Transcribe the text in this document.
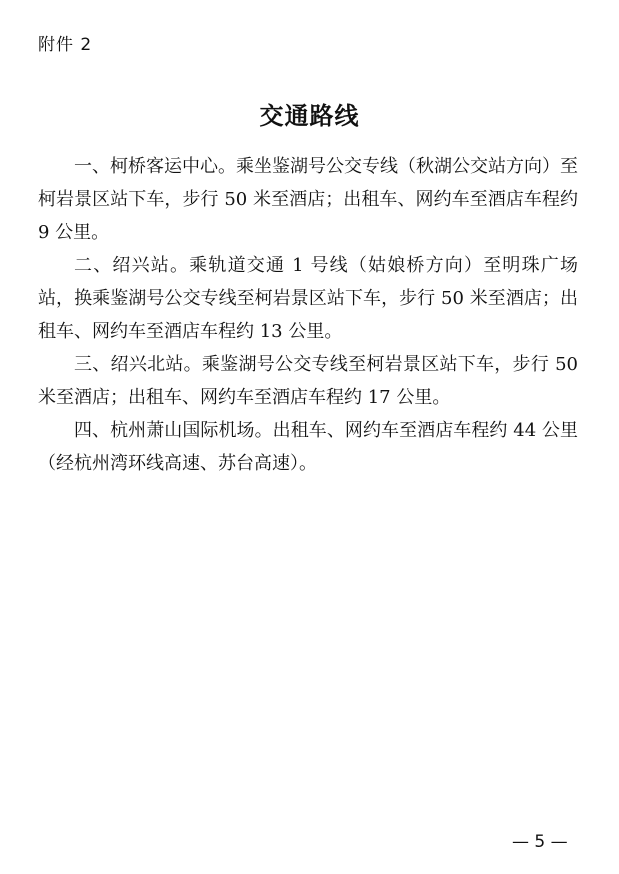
附件 2
交通路线

一、柯桥客运中心。乘坐鉴湖号公交专线（秋湖公交站方向）至柯岩景区站下车，步行 50 米至酒店；出租车、网约车至酒店车程约 9 公里。

二、绍兴站。乘轨道交通 1 号线（姑娘桥方向）至明珠广场站，换乘鉴湖号公交专线至柯岩景区站下车，步行 50 米至酒店；出租车、网约车至酒店车程约 13 公里。

三、绍兴北站。乘鉴湖号公交专线至柯岩景区站下车，步行 50 米至酒店；出租车、网约车至酒店车程约 17 公里。

四、杭州萧山国际机场。出租车、网约车至酒店车程约 44 公里（经杭州湾环线高速、苏台高速）。

— 5 —
